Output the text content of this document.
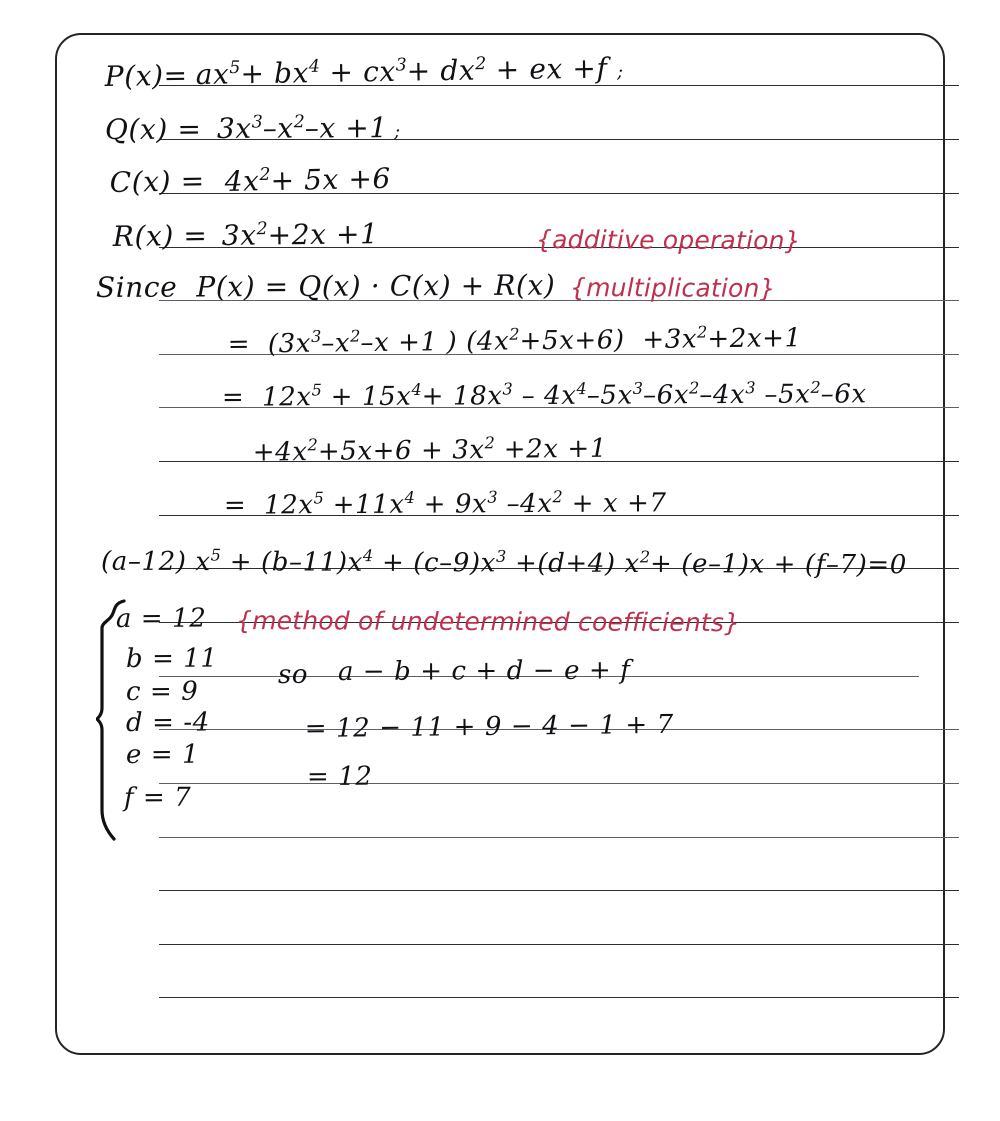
$P(x)= ax^5+ bx^4 + cx^3+ dx^2$ + ex +f ;
$Q(x) = 3x^3-x^2-x +1$ ;
$C(x) = 4x^2+ 5x +6$
$R(x) = 3x^2+2x +1$	{additive operation}
Since  P(x) = Q(x) · C(x) + R(x) {multiplication}
=  ($3x^3-x^2-x +1$ ) $(4x^2+5x+6) +3x^2+2x+1$
=  $12x^5 + 15x^4+ 18x^3 - 4x^4-5x^3-6x^2-4x^3$ $-5x^2-6x$
$+4x^2+5x+6 + 3x^2 +2x +1$
=  $12x^5 +11x^4 + 9x^3$ $-4x^2 + x +7$
(a–12) $x^5 + (b-11)x^4 + (c-9)x^3 +(d+4)$ $x^2+ (e-1)x + (f-7)=0$
a = 12
b = 11
c = 9
d = -4
e = 1
f = 7
{method of undetermined coefficients}
so a − b + c + d − e + f
= 12 − 11 + 9 − 4 − 1 + 7
= 12
